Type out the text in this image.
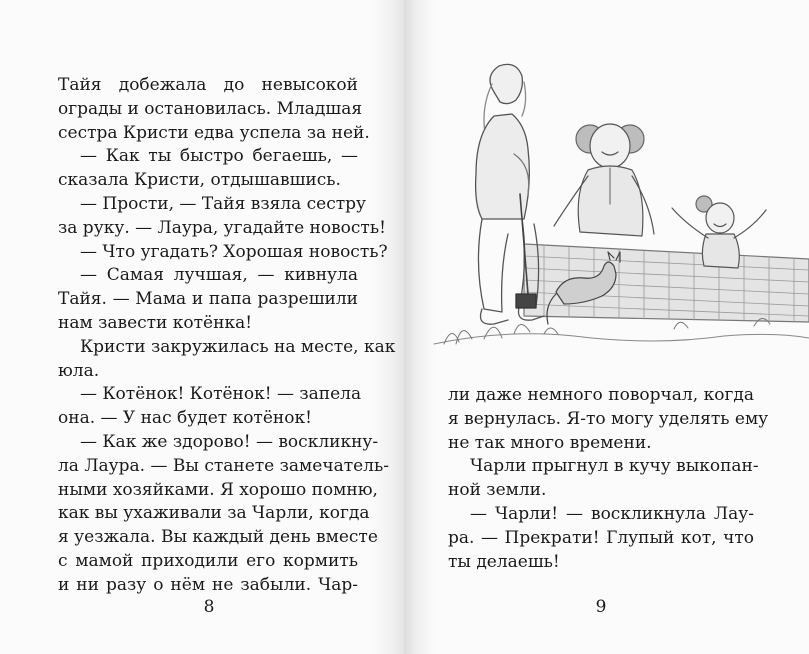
Тайя добежала до невысокой
ограды и остановилась. Младшая
сестра Кристи едва успела за ней.
— Как ты быстро бегаешь, —
сказала Кристи, отдышавшись.
— Прости, — Тайя взяла сестру
за руку. — Лаура, угадайте новость!
— Что угадать? Хорошая новость?
— Самая лучшая, — кивнула
Тайя. — Мама и папа разрешили
нам завести котёнка!
Кристи закружилась на месте, как
юла.
— Котёнок! Котёнок! — запела
она. — У нас будет котёнок!
— Как же здорово! — воскликну-
ла Лаура. — Вы станете замечатель-
ными хозяйками. Я хорошо помню,
как вы ухаживали за Чарли, когда
я уезжала. Вы каждый день вместе
с мамой приходили его кормить
и ни разу о нём не забыли. Чар-
8
ли даже немного поворчал, когда
я вернулась. Я-то могу уделять ему
не так много времени.
Чарли прыгнул в кучу выкопан-
ной земли.
— Чарли! — воскликнула Лау-
ра. — Прекрати! Глупый кот, что
ты делаешь!
9
